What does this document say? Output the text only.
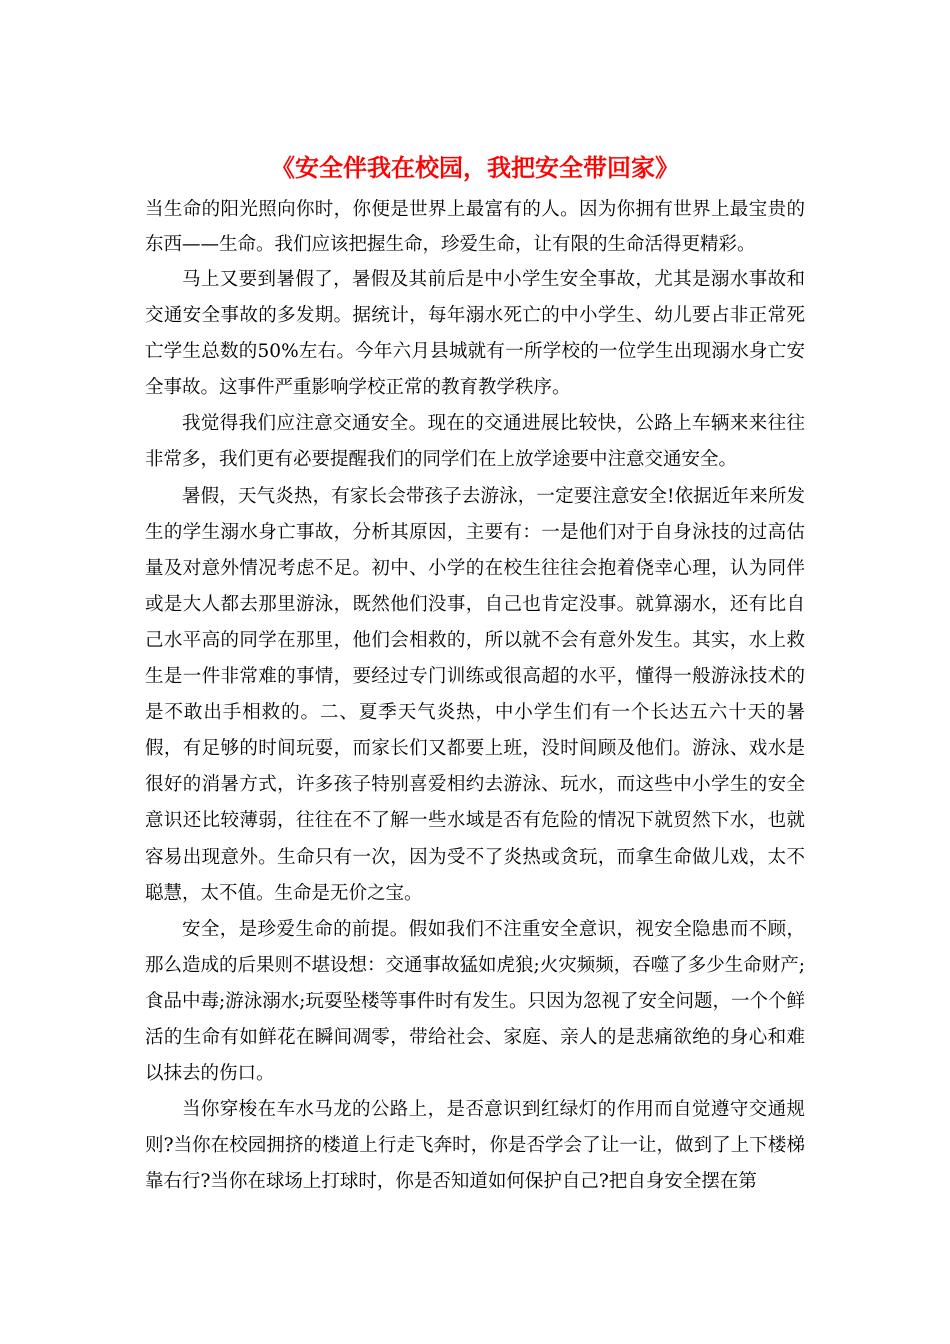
《安全伴我在校园，我把安全带回家》

当生命的阳光照向你时，你便是世界上最富有的人。因为你拥有世界上最宝贵的东西——生命。我们应该把握生命，珍爱生命，让有限的生命活得更精彩。

马上又要到暑假了，暑假及其前后是中小学生安全事故，尤其是溺水事故和交通安全事故的多发期。据统计，每年溺水死亡的中小学生、幼儿要占非正常死亡学生总数的50%左右。今年六月县城就有一所学校的一位学生出现溺水身亡安全事故。这事件严重影响学校正常的教育教学秩序。

我觉得我们应注意交通安全。现在的交通进展比较快，公路上车辆来来往往非常多，我们更有必要提醒我们的同学们在上放学途要中注意交通安全。

暑假，天气炎热，有家长会带孩子去游泳，一定要注意安全!依据近年来所发生的学生溺水身亡事故，分析其原因，主要有：一是他们对于自身泳技的过高估量及对意外情况考虑不足。初中、小学的在校生往往会抱着侥幸心理，认为同伴或是大人都去那里游泳，既然他们没事，自己也肯定没事。就算溺水，还有比自己水平高的同学在那里，他们会相救的，所以就不会有意外发生。其实，水上救生是一件非常难的事情，要经过专门训练或很高超的水平，懂得一般游泳技术的是不敢出手相救的。二、夏季天气炎热，中小学生们有一个长达五六十天的暑假，有足够的时间玩耍，而家长们又都要上班，没时间顾及他们。游泳、戏水是很好的消暑方式，许多孩子特别喜爱相约去游泳、玩水，而这些中小学生的安全意识还比较薄弱，往往在不了解一些水域是否有危险的情况下就贸然下水，也就容易出现意外。生命只有一次，因为受不了炎热或贪玩，而拿生命做儿戏，太不聪慧，太不值。生命是无价之宝。

安全，是珍爱生命的前提。假如我们不注重安全意识，视安全隐患而不顾，那么造成的后果则不堪设想：交通事故猛如虎狼;火灾频频，吞噬了多少生命财产;食品中毒;游泳溺水;玩耍坠楼等事件时有发生。只因为忽视了安全问题，一个个鲜活的生命有如鲜花在瞬间凋零，带给社会、家庭、亲人的是悲痛欲绝的身心和难以抹去的伤口。

当你穿梭在车水马龙的公路上，是否意识到红绿灯的作用而自觉遵守交通规则?当你在校园拥挤的楼道上行走飞奔时，你是否学会了让一让，做到了上下楼梯靠右行?当你在球场上打球时，你是否知道如何保护自己?把自身安全摆在第
